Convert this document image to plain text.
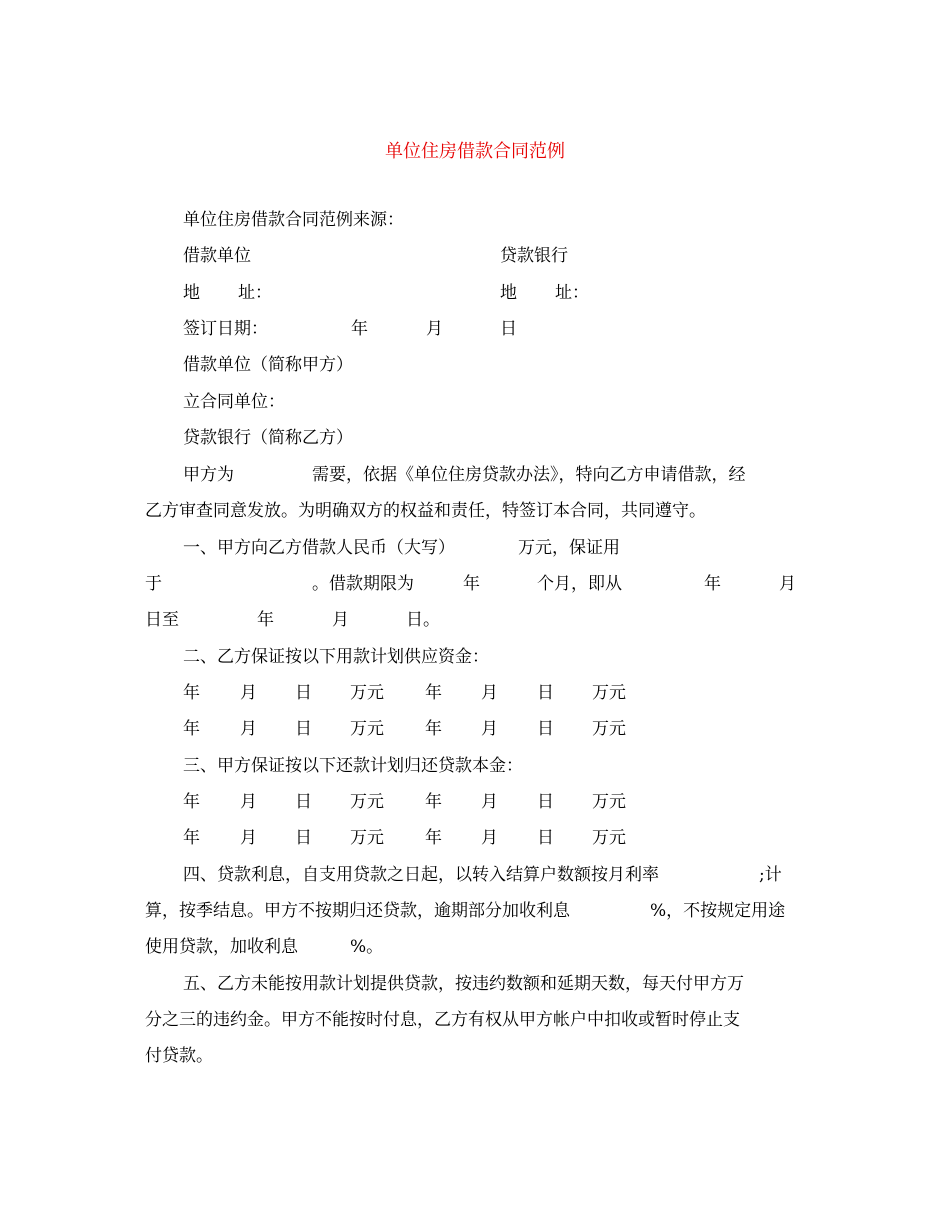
单位住房借款合同范例
单位住房借款合同范例来源：
借款单位	贷款银行
地 址：	地 址：
签订日期：	年	月	日
借款单位（简称甲方）
立合同单位：
贷款银行（简称乙方）
甲方为	需要，依据《单位住房贷款办法》，特向乙方申请借款，经
乙方审查同意发放。为明确双方的权益和责任，特签订本合同，共同遵守。
一、甲方向乙方借款人民币（大写）	万元，保证用
于	。借款期限为	年	个月，即从	年	月
日至	年	月	日。
二、乙方保证按以下用款计划供应资金：
年 月 日 万元 年 月 日 万元
年 月 日 万元 年 月 日 万元
三、甲方保证按以下还款计划归还贷款本金：
年 月 日 万元 年 月 日 万元
年 月 日 万元 年 月 日 万元
四、贷款利息，自支用贷款之日起，以转入结算户数额按月利率	;计
算，按季结息。甲方不按期归还贷款，逾期部分加收利息	%，不按规定用途
使用贷款，加收利息	%。
五、乙方未能按用款计划提供贷款，按违约数额和延期天数，每天付甲方万
分之三的违约金。甲方不能按时付息，乙方有权从甲方帐户中扣收或暂时停止支
付贷款。
